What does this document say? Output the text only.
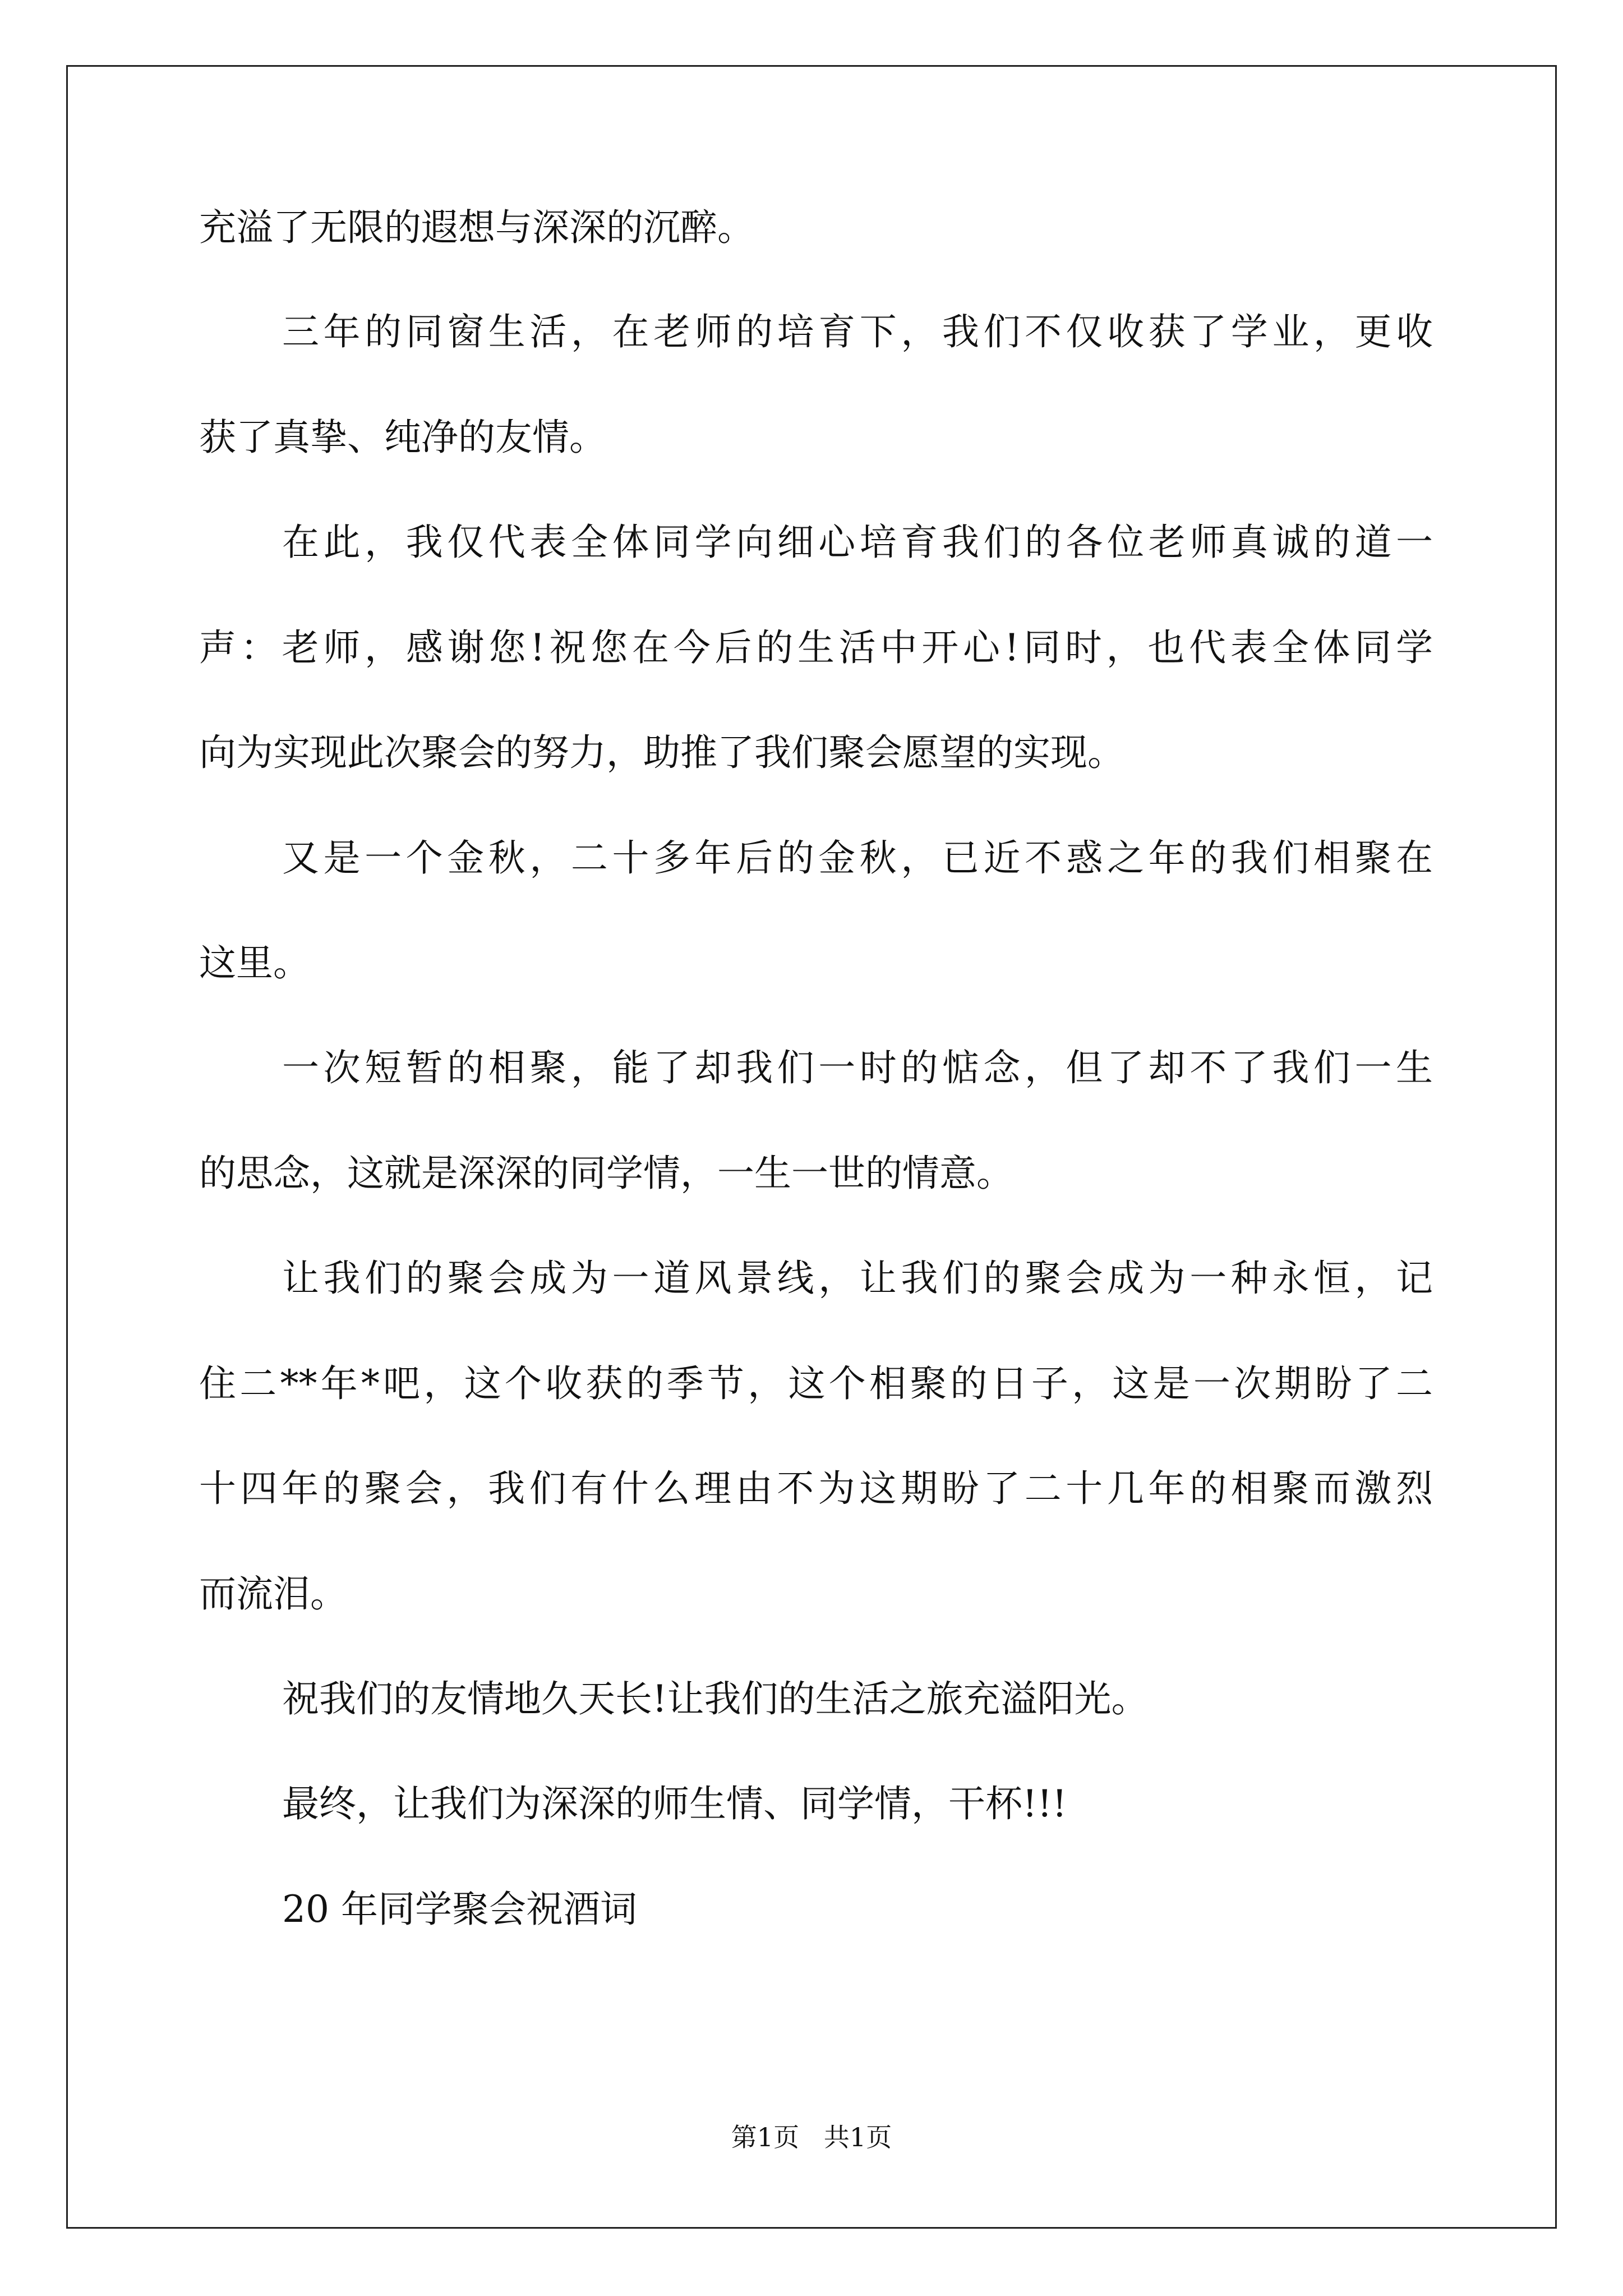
充溢了无限的遐想与深深的沉醉。
三年的同窗生活，在老师的培育下，我们不仅收获了学业，更收
获了真挚、纯净的友情。
在此，我仅代表全体同学向细心培育我们的各位老师真诚的道一
声：老师，感谢您!祝您在今后的生活中开心!同时，也代表全体同学
向为实现此次聚会的努力，助推了我们聚会愿望的实现。
又是一个金秋，二十多年后的金秋，已近不惑之年的我们相聚在
这里。
一次短暂的相聚，能了却我们一时的惦念，但了却不了我们一生
的思念，这就是深深的同学情，一生一世的情意。
让我们的聚会成为一道风景线，让我们的聚会成为一种永恒，记
住二**年*吧，这个收获的季节，这个相聚的日子，这是一次期盼了二
十四年的聚会，我们有什么理由不为这期盼了二十几年的相聚而激烈
而流泪。
祝我们的友情地久天长!让我们的生活之旅充溢阳光。
最终，让我们为深深的师生情、同学情，干杯!!!
20 年同学聚会祝酒词
第1页   共1页
